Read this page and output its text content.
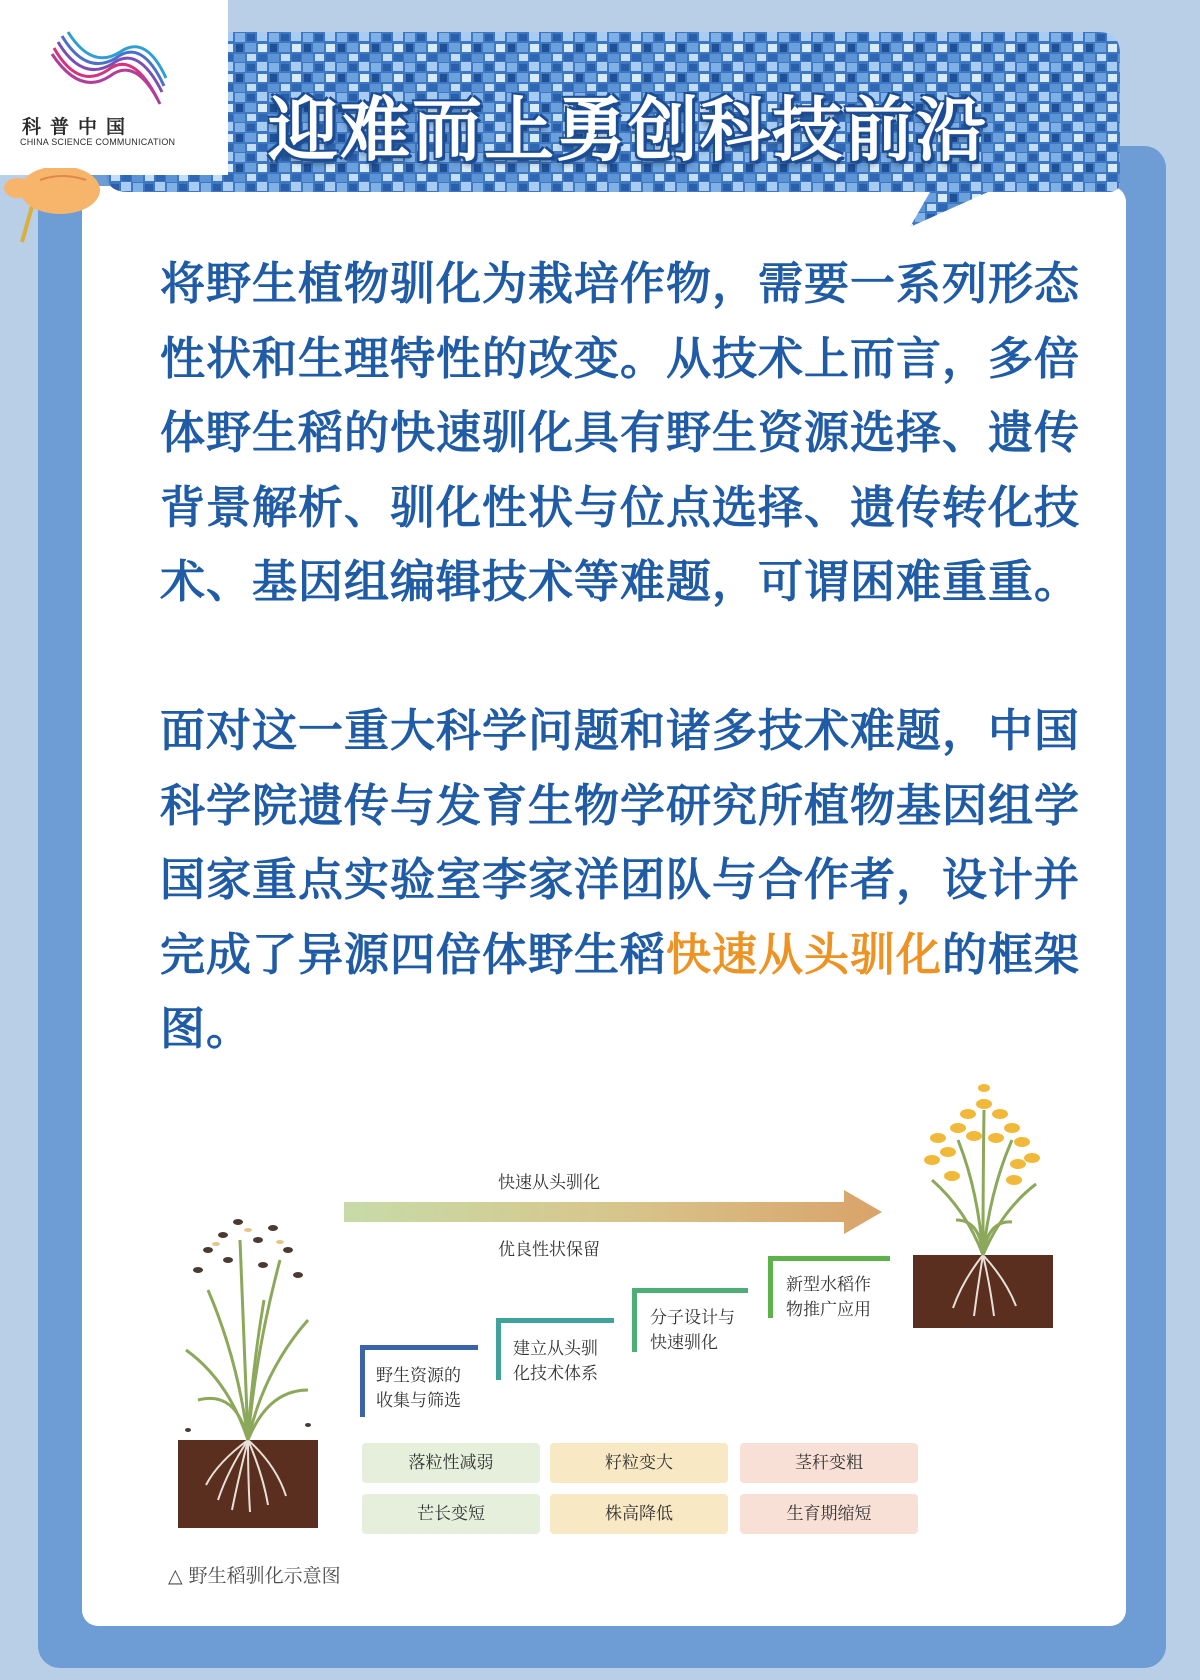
迎难而上勇创科技前沿
科普中国
CHINA SCIENCE COMMUNICATION
将野生植物驯化为栽培作物，需要一系列形态性状和生理特性的改变。从技术上而言，多倍体野生稻的快速驯化具有野生资源选择、遗传背景解析、驯化性状与位点选择、遗传转化技术、基因组编辑技术等难题，可谓困难重重。
面对这一重大科学问题和诸多技术难题，中国科学院遗传与发育生物学研究所植物基因组学国家重点实验室李家洋团队与合作者，设计并完成了异源四倍体野生稻快速从头驯化的框架图。
快速从头驯化
优良性状保留
野生资源的
收集与筛选
建立从头驯
化技术体系
分子设计与
快速驯化
新型水稻作
物推广应用
落粒性减弱	籽粒变大	茎秆变粗
芒长变短	株高降低	生育期缩短
△ 野生稻驯化示意图
